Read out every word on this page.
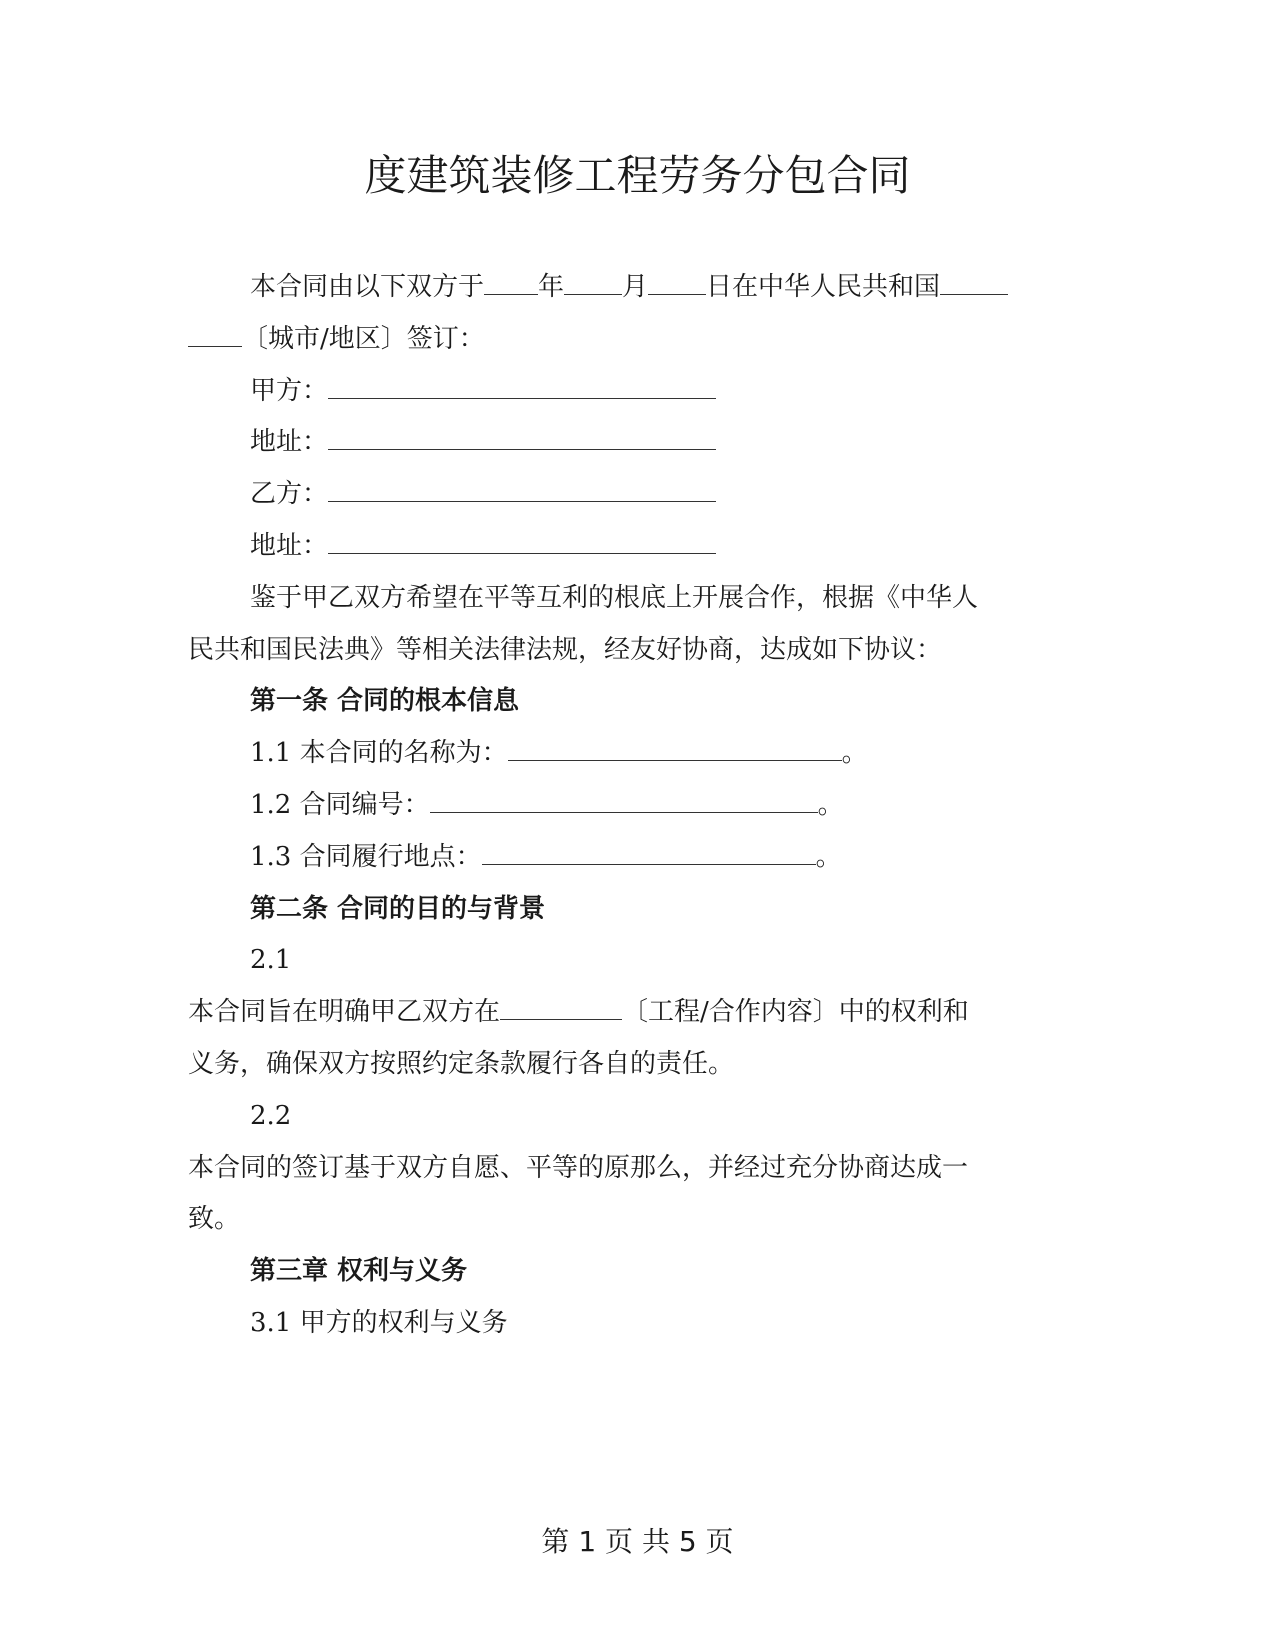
度建筑装修工程劳务分包合同

本合同由以下双方于 年 月 日在中华人民共和国

〔城市/地区〕签订：

甲方：

地址：

乙方：

地址：

鉴于甲乙双方希望在平等互利的根底上开展合作，根据《中华人

民共和国民法典》等相关法律法规，经友好协商，达成如下协议：

第一条 合同的根本信息

1.1 本合同的名称为：	。

1.2 合同编号：	。

1.3 合同履行地点：	。

第二条 合同的目的与背景

2.1

本合同旨在明确甲乙双方在	〔工程/合作内容〕中的权利和

义务，确保双方按照约定条款履行各自的责任。

2.2

本合同的签订基于双方自愿、平等的原那么，并经过充分协商达成一

致。

第三章 权利与义务

3.1 甲方的权利与义务

第 1 页 共 5 页
